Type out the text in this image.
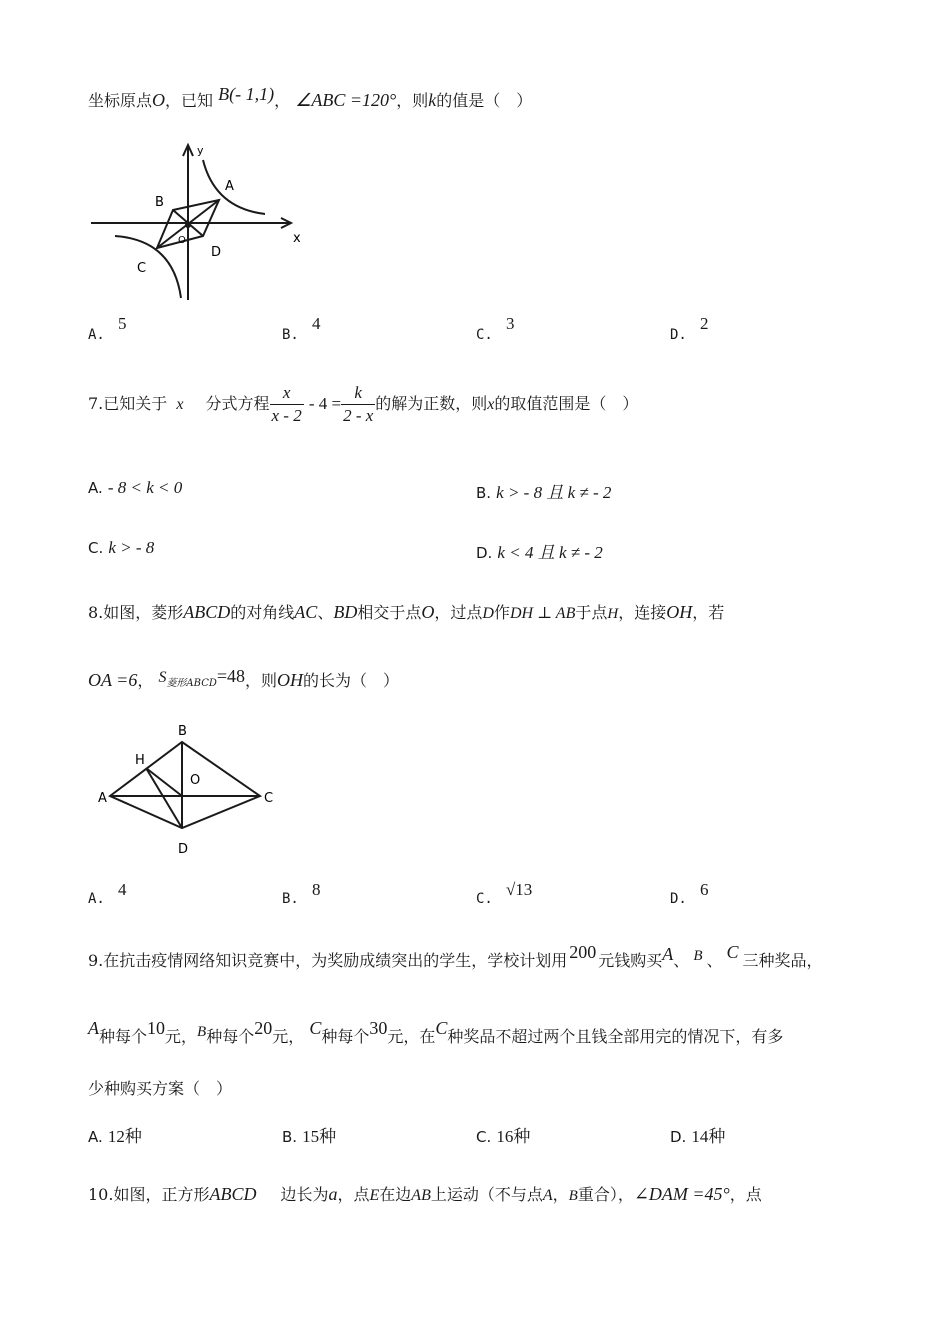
坐标原点O，已知 B(- 1,1)， ∠ABC =120°，则k的值是（　）
y
x
A
B
C
D
O
A. 5
B. 4
C. 3
D. 2
7.已知关于 x 分式方程 $\frac{x}{x - 2} - 4 = \frac{k}{2 - x}$ 的解为正数，则x的取值范围是（　）
A. - 8 < k < 0	B. k > - 8 且 k ≠ - 2
C. k > - 8	D. k < 4 且 k ≠ - 2
8.如图，菱形ABCD的对角线AC、BD相交于点O，过点D作DH ⊥ AB于点H，连接OH，若
OA =6， S菱形ABCD=48，则OH的长为（　）
B
H
O
A	C
D
A. 4	B. 8	C. √13	D. 6
9.在抗击疫情网络知识竞赛中，为奖励成绩突出的学生，学校计划用 200 元钱购买A、 B 、 C 三种奖品，
A种每个10元，B种每个20元， C种每个30元，在C种奖品不超过两个且钱全部用完的情况下，有多
少种购买方案（　）
A. 12种	B. 15种	C. 16种	D. 14种
10.如图，正方形ABCD 边长为a，点E在边AB上运动（不与点A，B重合），∠DAM =45°，点
